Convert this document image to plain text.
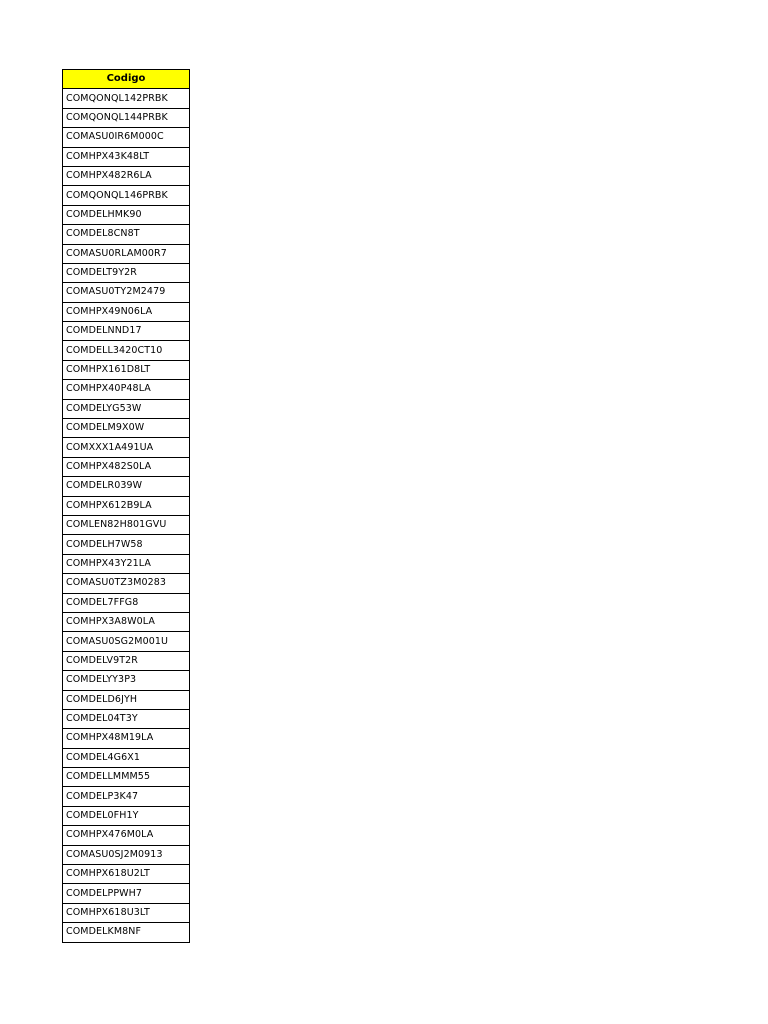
Codigo
COMQONQL142PRBK
COMQONQL144PRBK
COMASU0IR6M000C
COMHPX43K48LT
COMHPX482R6LA
COMQONQL146PRBK
COMDELHMK90
COMDEL8CN8T
COMASU0RLAM00R7
COMDELT9Y2R
COMASU0TY2M2479
COMHPX49N06LA
COMDELNND17
COMDELL3420CT10
COMHPX161D8LT
COMHPX40P48LA
COMDELYG53W
COMDELM9X0W
COMXXX1A491UA
COMHPX482S0LA
COMDELR039W
COMHPX612B9LA
COMLEN82H801GVU
COMDELH7W58
COMHPX43Y21LA
COMASU0TZ3M0283
COMDEL7FFG8
COMHPX3A8W0LA
COMASU0SG2M001U
COMDELV9T2R
COMDELYY3P3
COMDELD6JYH
COMDEL04T3Y
COMHPX48M19LA
COMDEL4G6X1
COMDELLMMM55
COMDELP3K47
COMDEL0FH1Y
COMHPX476M0LA
COMASU0SJ2M0913
COMHPX618U2LT
COMDELPPWH7
COMHPX618U3LT
COMDELKM8NF
